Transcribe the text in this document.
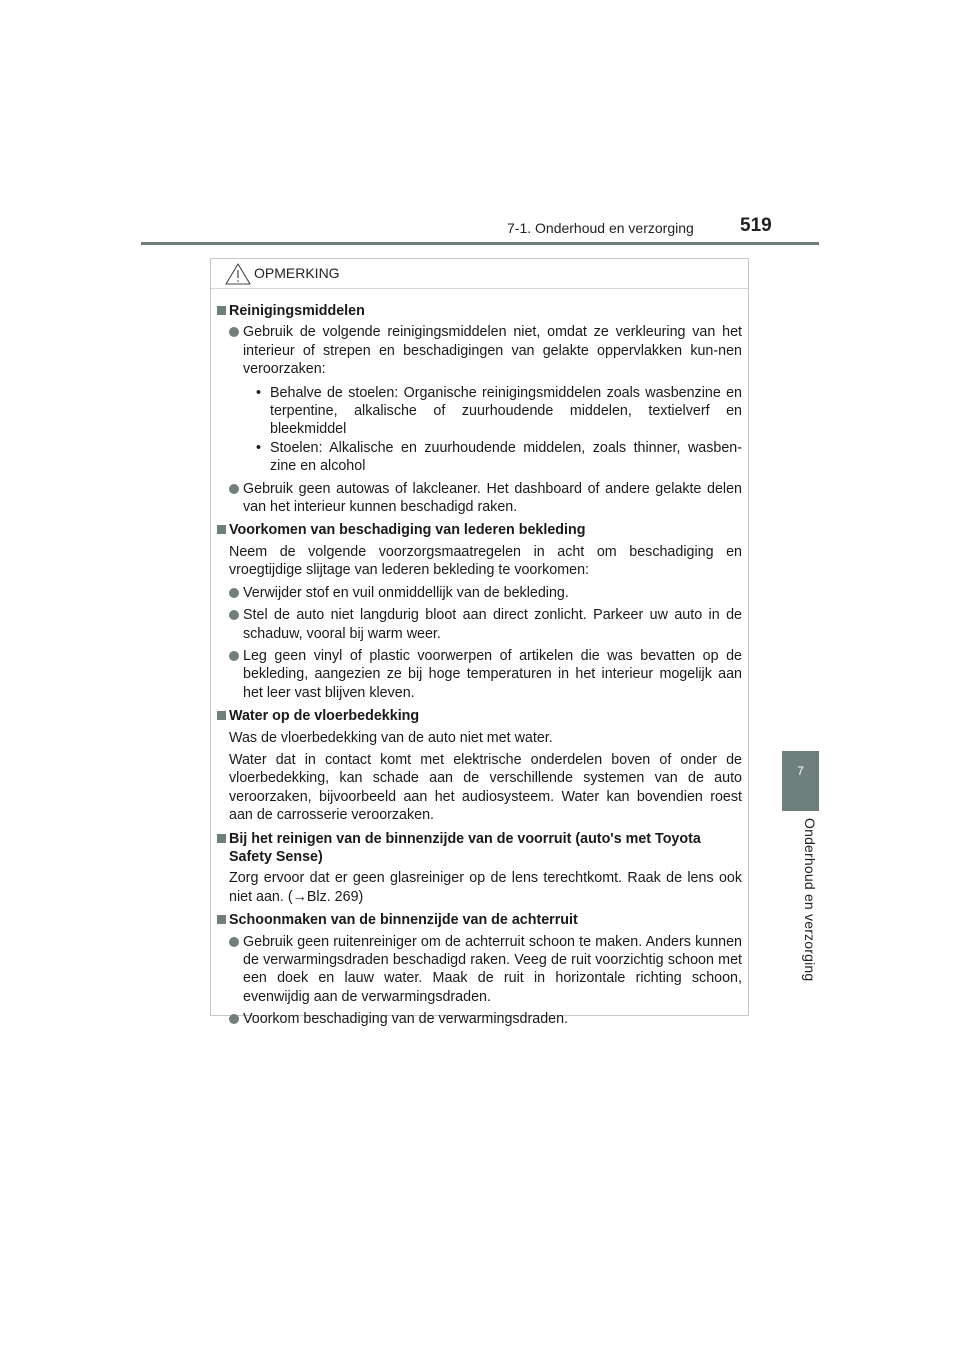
7-1. Onderhoud en verzorging 519
7
Onderhoud en verzorging
OPMERKING
Reinigingsmiddelen
Gebruik de volgende reinigingsmiddelen niet, omdat ze verkleuring van het interieur of strepen en beschadigingen van gelakte oppervlakken kun-nen veroorzaken:
• Behalve de stoelen: Organische reinigingsmiddelen zoals wasbenzine en terpentine, alkalische of zuurhoudende middelen, textielverf en bleekmiddel
• Stoelen: Alkalische en zuurhoudende middelen, zoals thinner, wasben-zine en alcohol
Gebruik geen autowas of lakcleaner. Het dashboard of andere gelakte delen van het interieur kunnen beschadigd raken.
Voorkomen van beschadiging van lederen bekleding
Neem de volgende voorzorgsmaatregelen in acht om beschadiging en vroegtijdige slijtage van lederen bekleding te voorkomen:
Verwijder stof en vuil onmiddellijk van de bekleding.
Stel de auto niet langdurig bloot aan direct zonlicht. Parkeer uw auto in de schaduw, vooral bij warm weer.
Leg geen vinyl of plastic voorwerpen of artikelen die was bevatten op de bekleding, aangezien ze bij hoge temperaturen in het interieur mogelijk aan het leer vast blijven kleven.
Water op de vloerbedekking
Was de vloerbedekking van de auto niet met water.
Water dat in contact komt met elektrische onderdelen boven of onder de vloerbedekking, kan schade aan de verschillende systemen van de auto veroorzaken, bijvoorbeeld aan het audiosysteem. Water kan bovendien roest aan de carrosserie veroorzaken.
Bij het reinigen van de binnenzijde van de voorruit (auto's met Toyota Safety Sense)
Zorg ervoor dat er geen glasreiniger op de lens terechtkomt. Raak de lens ook niet aan. (→Blz. 269)
Schoonmaken van de binnenzijde van de achterruit
Gebruik geen ruitenreiniger om de achterruit schoon te maken. Anders kunnen de verwarmingsdraden beschadigd raken. Veeg de ruit voorzichtig schoon met een doek en lauw water. Maak de ruit in horizontale richting schoon, evenwijdig aan de verwarmingsdraden.
Voorkom beschadiging van de verwarmingsdraden.
